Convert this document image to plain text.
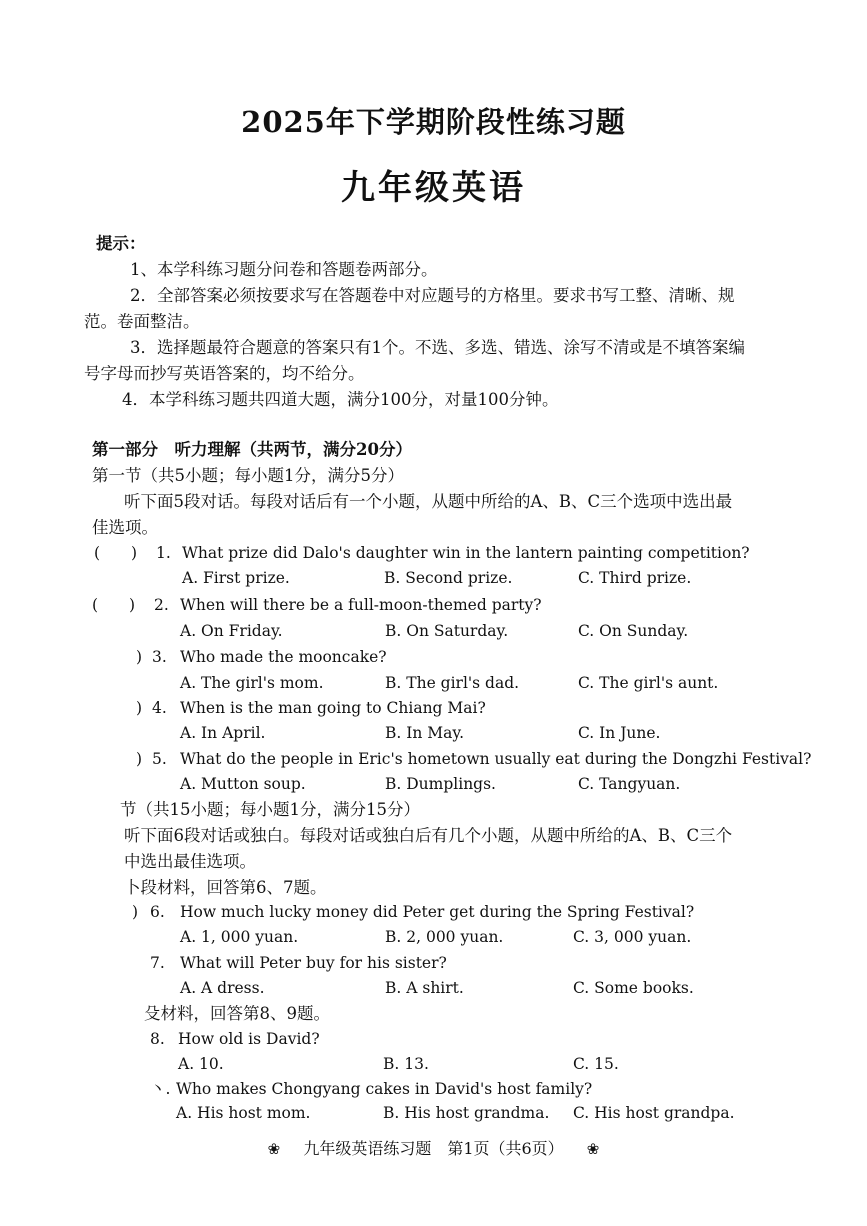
2025年下学期阶段性练习题
九年级英语
提示：
1、本学科练习题分问卷和答题卷两部分。
2．全部答案必须按要求写在答题卷中对应题号的方格里。要求书写工整、清晰、规
范。卷面整洁。
3．选择题最符合题意的答案只有1个。不选、多选、错选、涂写不清或是不填答案编
号字母而抄写英语答案的，均不给分。
4．本学科练习题共四道大题，满分100分，对量100分钟。
第一部分　听力理解（共两节，满分20分）
第一节（共5小题；每小题1分，满分5分）
听下面5段对话。每段对话后有一个小题，从题中所给的A、B、C三个选项中选出最
佳选项。
(　　) 1. What prize did Dalo's daughter win in the lantern painting competition?
A. First prize.	B. Second prize.	C. Third prize.
(　　) 2. When will there be a full-moon-themed party?
A. On Friday.	B. On Saturday.	C. On Sunday.
) 3. Who made the mooncake?
A. The girl's mom.	B. The girl's dad.	C. The girl's aunt.
) 4. When is the man going to Chiang Mai?
A. In April.	B. In May.	C. In June.
) 5. What do the people in Eric's hometown usually eat during the Dongzhi Festival?
A. Mutton soup.	B. Dumplings.	C. Tangyuan.
节（共15小题；每小题1分，满分15分）
听下面6段对话或独白。每段对话或独白后有几个小题，从题中所给的A、B、C三个
中选出最佳选项。
卜段材料，回答第6、7题。
) 6. How much lucky money did Peter get during the Spring Festival?
A. 1, 000 yuan.	B. 2, 000 yuan.	C. 3, 000 yuan.
7. What will Peter buy for his sister?
A. A dress.	B. A shirt.	C. Some books.
殳材料，回答第8、9题。
8. How old is David?
A. 10.	B. 13.	C. 15.
丶. Who makes Chongyang cakes in David's host family?
A. His host mom.	B. His host grandma. C. His host grandpa.
❀ 九年级英语练习题　第1页（共6页） ❀
